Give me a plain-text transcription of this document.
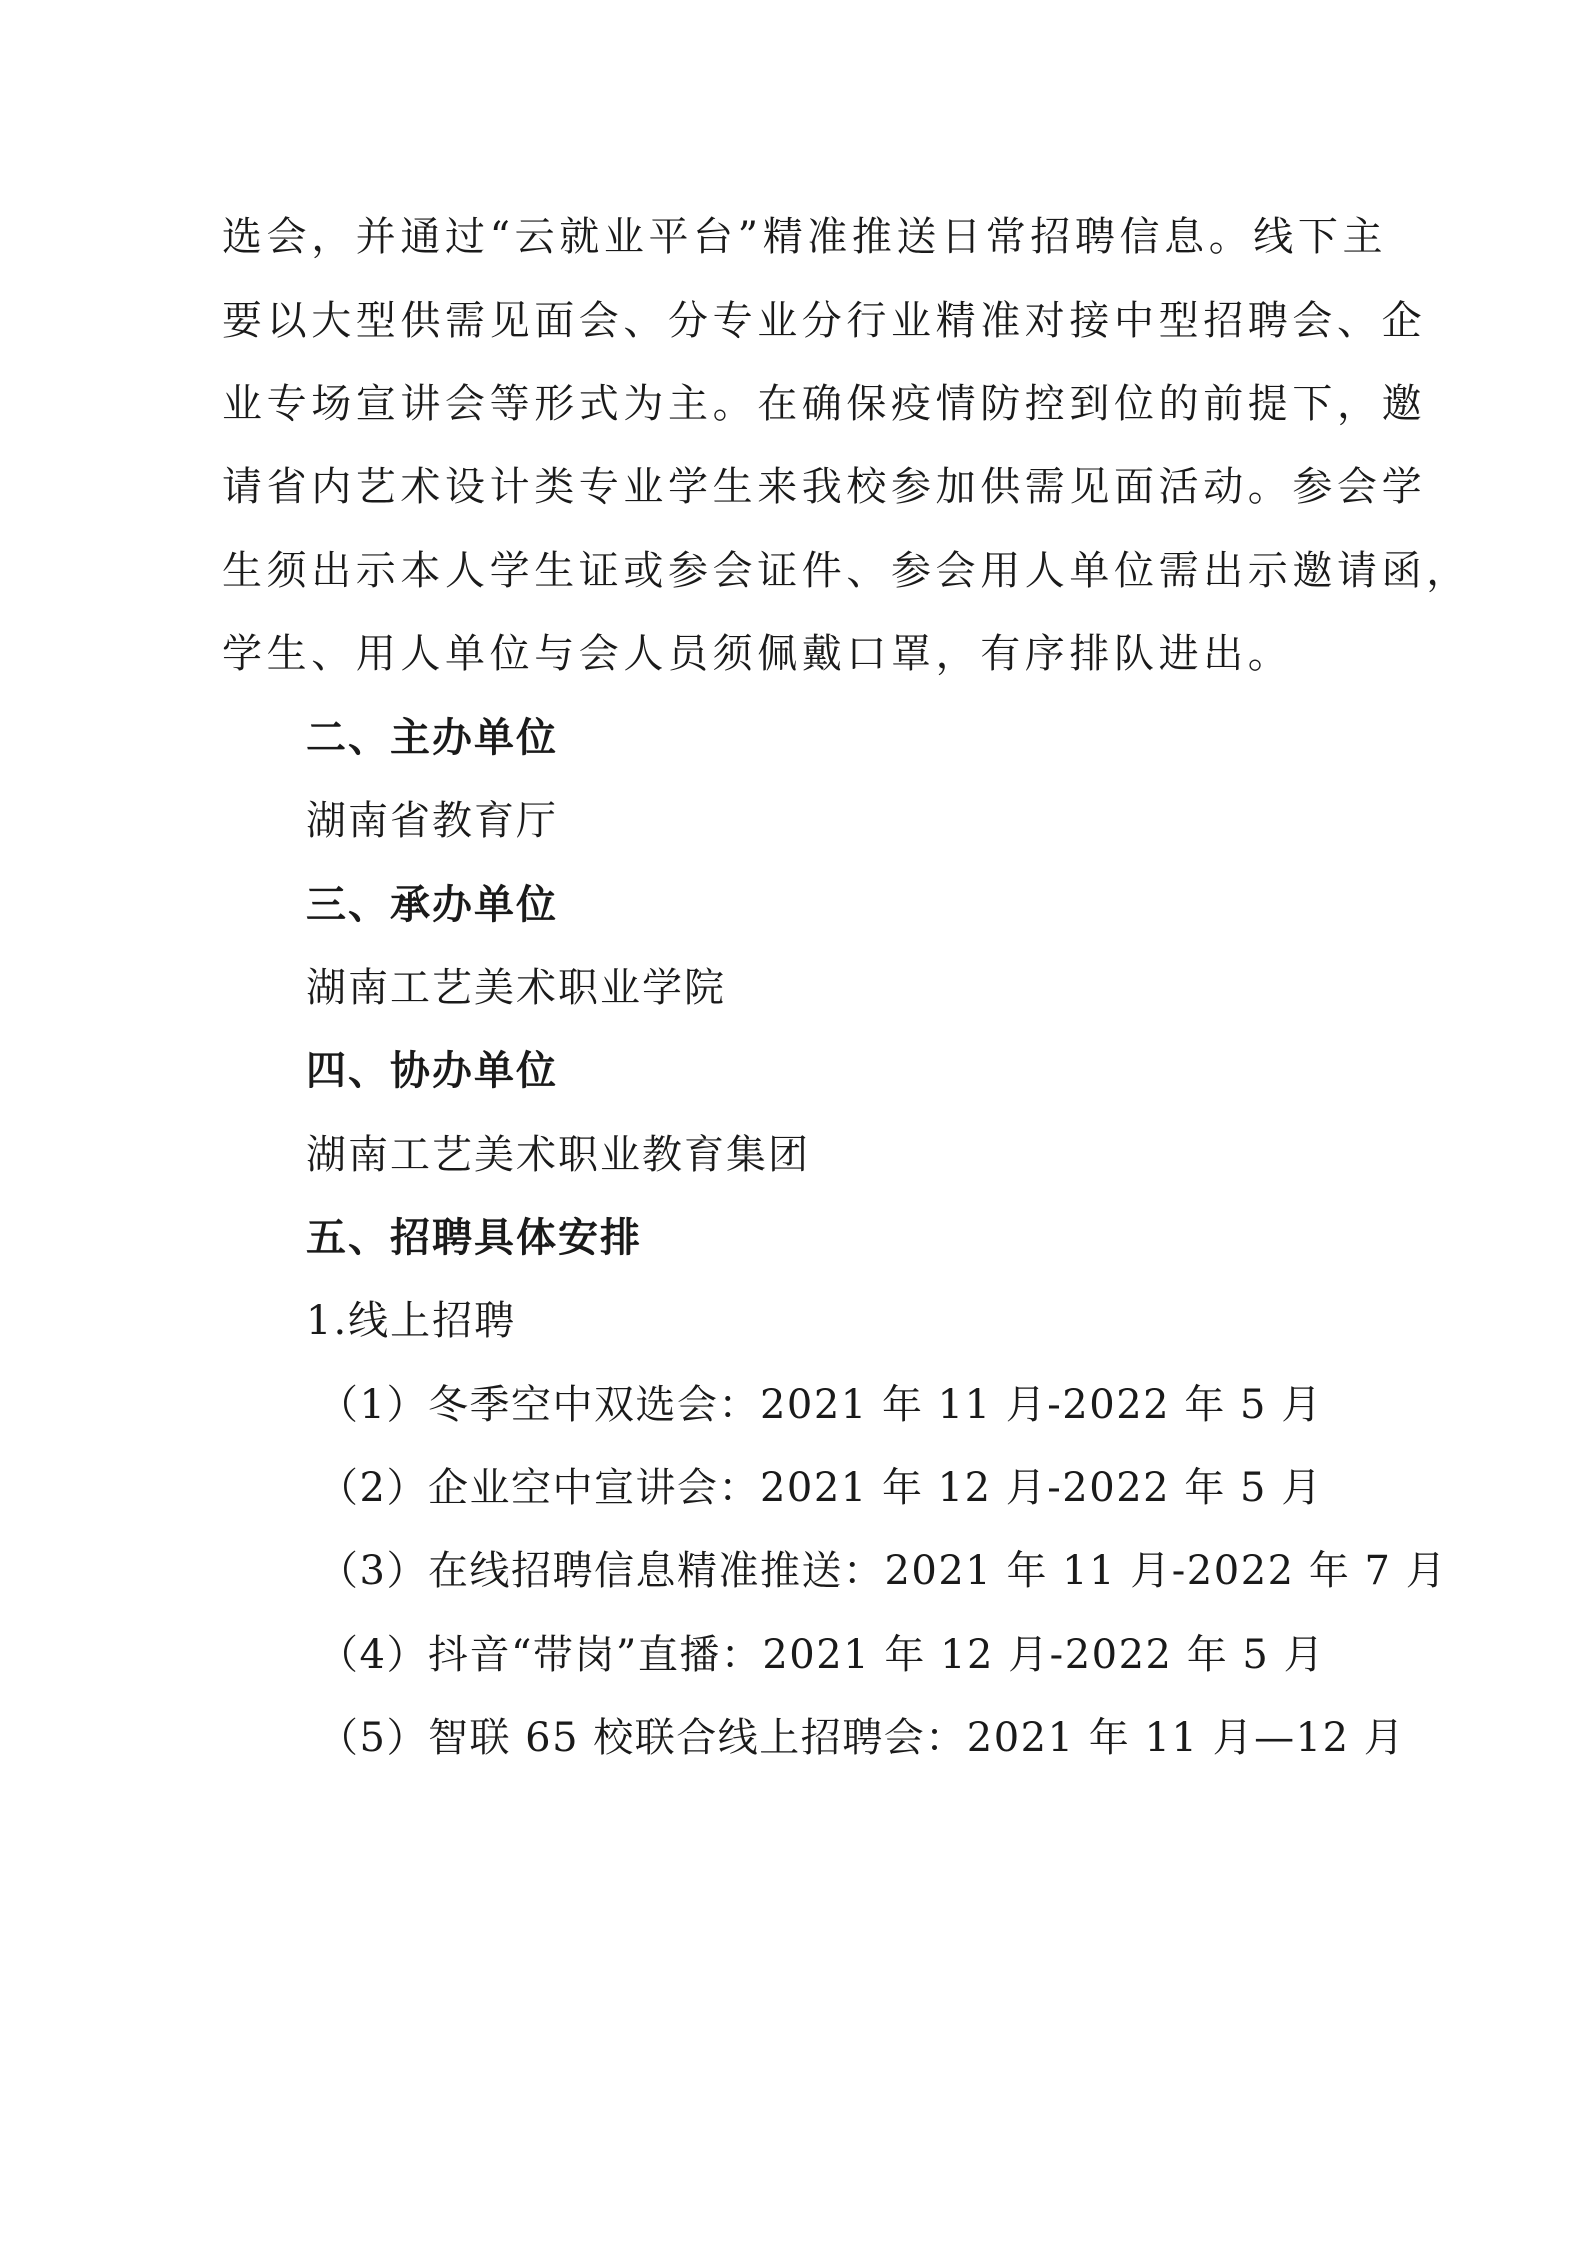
选会，并通过“云就业平台”精准推送日常招聘信息。线下主
要以大型供需见面会、分专业分行业精准对接中型招聘会、企
业专场宣讲会等形式为主。在确保疫情防控到位的前提下，邀
请省内艺术设计类专业学生来我校参加供需见面活动。参会学
生须出示本人学生证或参会证件、参会用人单位需出示邀请函，
学生、用人单位与会人员须佩戴口罩，有序排队进出。
二、主办单位
湖南省教育厅
三、承办单位
湖南工艺美术职业学院
四、协办单位
湖南工艺美术职业教育集团
五、招聘具体安排
1.线上招聘
（1）冬季空中双选会：2021 年 11 月-2022 年 5 月
（2）企业空中宣讲会：2021 年 12 月-2022 年 5 月
（3）在线招聘信息精准推送：2021 年 11 月-2022 年 7 月
（4）抖音“带岗”直播：2021 年 12 月-2022 年 5 月
（5）智联 65 校联合线上招聘会：2021 年 11 月—12 月
